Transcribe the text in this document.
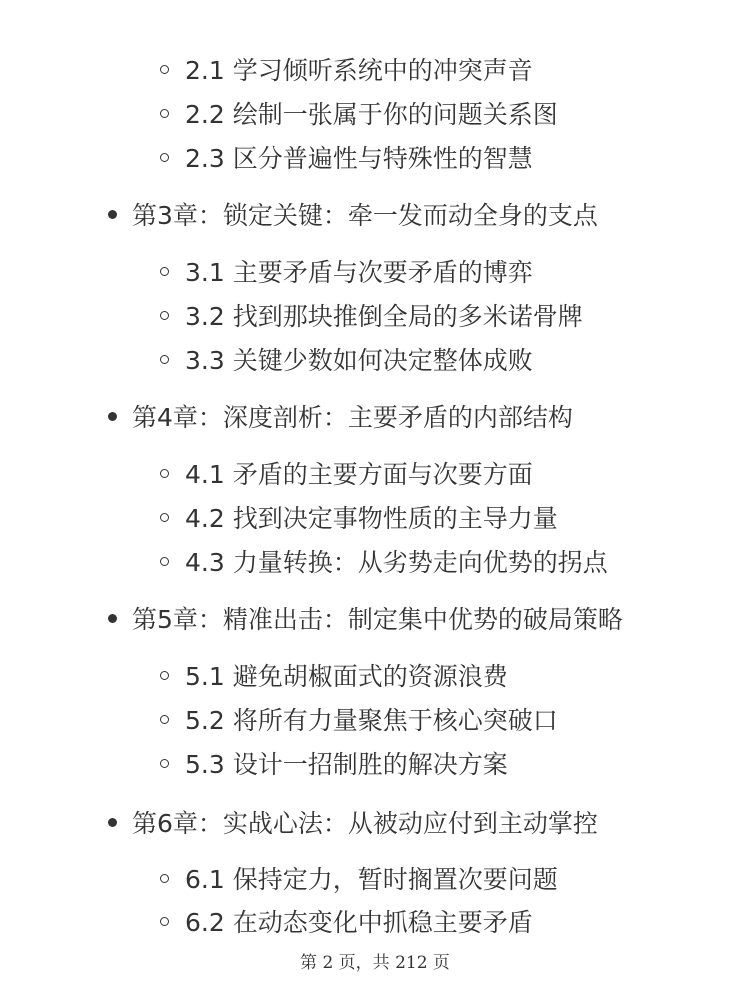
2.1 学习倾听系统中的冲突声音
2.2 绘制一张属于你的问题关系图
2.3 区分普遍性与特殊性的智慧
第3章：锁定关键：牵一发而动全身的支点
3.1 主要矛盾与次要矛盾的博弈
3.2 找到那块推倒全局的多米诺骨牌
3.3 关键少数如何决定整体成败
第4章：深度剖析：主要矛盾的内部结构
4.1 矛盾的主要方面与次要方面
4.2 找到决定事物性质的主导力量
4.3 力量转换：从劣势走向优势的拐点
第5章：精准出击：制定集中优势的破局策略
5.1 避免胡椒面式的资源浪费
5.2 将所有力量聚焦于核心突破口
5.3 设计一招制胜的解决方案
第6章：实战心法：从被动应付到主动掌控
6.1 保持定力，暂时搁置次要问题
6.2 在动态变化中抓稳主要矛盾
第 2 页，共 212 页
